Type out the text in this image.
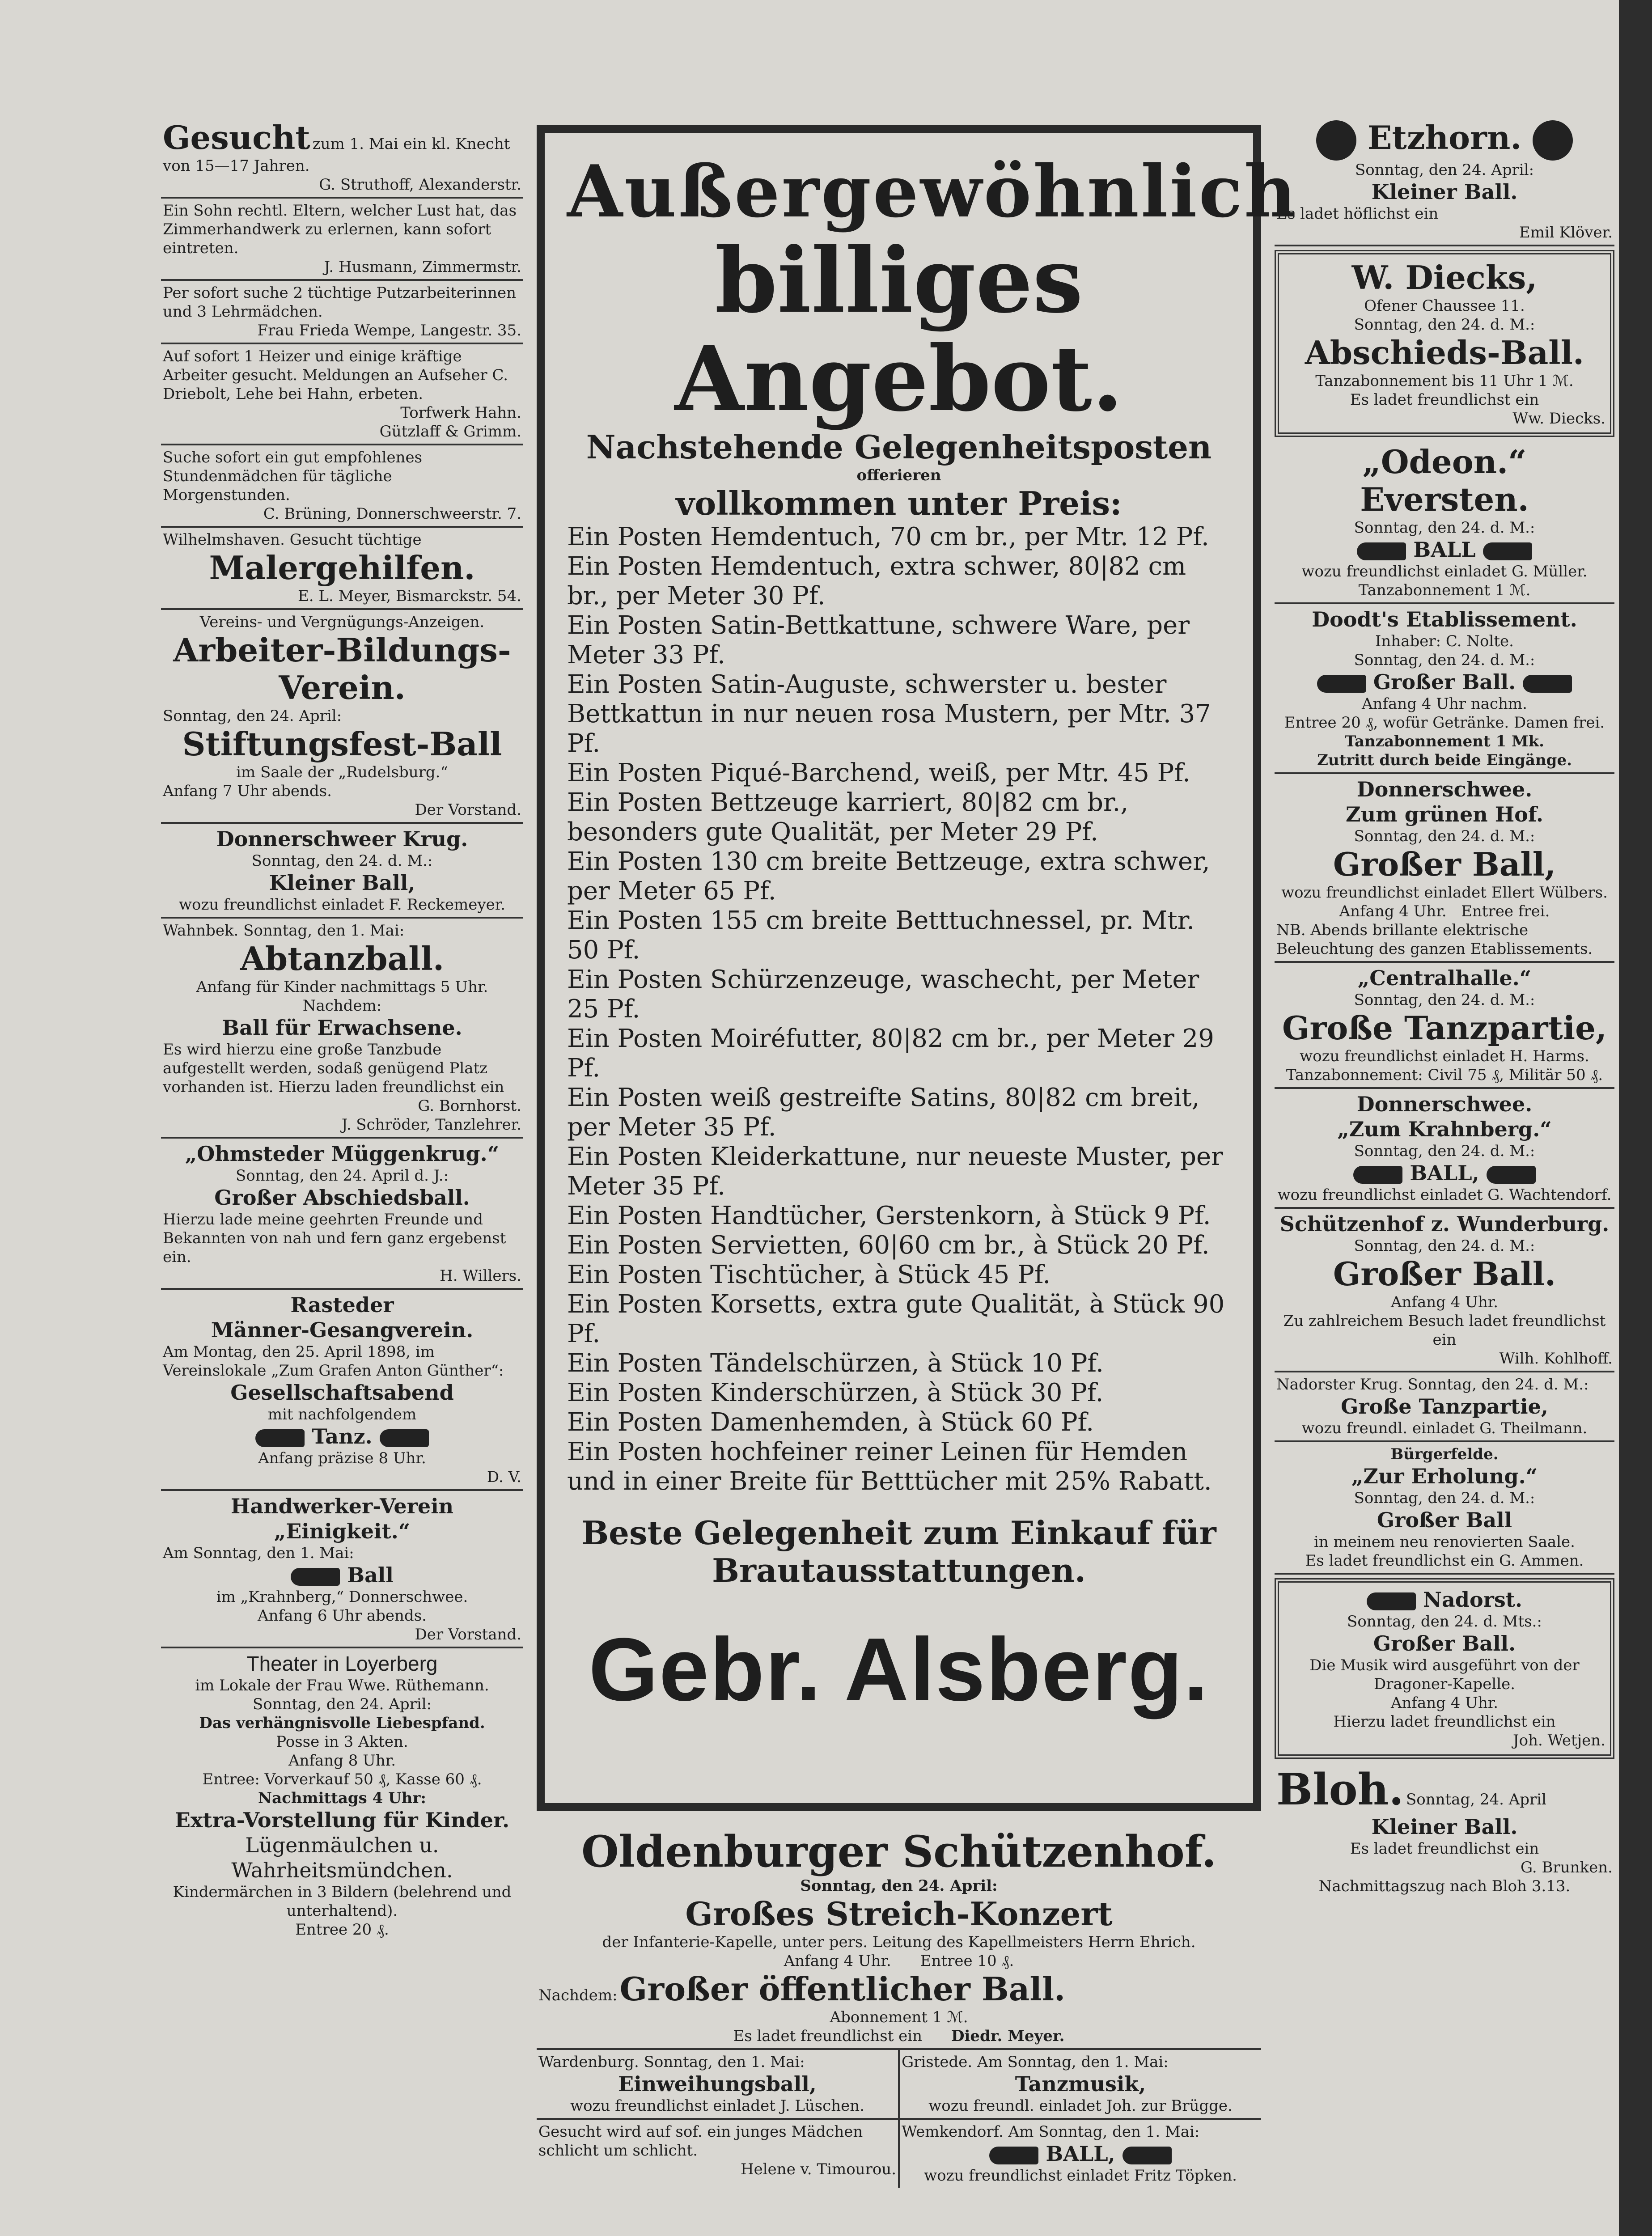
Gesucht zum 1. Mai ein kl. Knecht von 15—17 Jahren.
G. Struthoff, Alexanderstr.
Ein Sohn rechtl. Eltern, welcher Lust hat, das Zimmerhandwerk zu erlernen, kann sofort eintreten.
J. Husmann, Zimmermstr.
Per sofort suche 2 tüchtige Putzarbeiterinnen und 3 Lehrmädchen.
Frau Frieda Wempe, Langestr. 35.
Auf sofort 1 Heizer und einige kräftige Arbeiter gesucht. Meldungen an Aufseher C. Driebolt, Lehe bei Hahn, erbeten.
Torfwerk Hahn.
Gützlaff & Grimm.
Suche sofort ein gut empfohlenes Stundenmädchen für tägliche Morgenstunden.
C. Brüning, Donnerschweerstr. 7.
Wilhelmshaven. Gesucht tüchtige
Malergehilfen.
E. L. Meyer, Bismarckstr. 54.
Vereins- und Vergnügungs-Anzeigen.
Arbeiter-Bildungs-Verein.
Sonntag, den 24. April:
Stiftungsfest-Ball
im Saale der „Rudelsburg.“
Anfang 7 Uhr abends.
Der Vorstand.
Donnerschweer Krug.
Sonntag, den 24. d. M.:
Kleiner Ball,
wozu freundlichst einladet F. Reckemeyer.
Wahnbek. Sonntag, den 1. Mai:
Abtanzball.
Anfang für Kinder nachmittags 5 Uhr.
Nachdem:
Ball für Erwachsene.
Es wird hierzu eine große Tanzbude aufgestellt werden, sodaß genügend Platz vorhanden ist. Hierzu laden freundlichst ein
G. Bornhorst.
J. Schröder, Tanzlehrer.
„Ohmsteder Müggenkrug.“
Sonntag, den 24. April d. J.:
Großer Abschiedsball.
Hierzu lade meine geehrten Freunde und Bekannten von nah und fern ganz ergebenst ein.
H. Willers.
Rasteder
Männer-Gesangverein.
Am Montag, den 25. April 1898, im Vereinslokale „Zum Grafen Anton Günther“:
Gesellschaftsabend
mit nachfolgendem
Tanz.
Anfang präzise 8 Uhr.
D. V.
Handwerker-Verein
„Einigkeit.“
Am Sonntag, den 1. Mai:
Ball
im „Krahnberg,“ Donnerschwee.
Anfang 6 Uhr abends.
Der Vorstand.
Theater in Loyerberg
im Lokale der Frau Wwe. Rüthemann.
Sonntag, den 24. April:
Das verhängnisvolle Liebespfand.
Posse in 3 Akten.
Anfang 8 Uhr.
Entree: Vorverkauf 50 ₰, Kasse 60 ₰.
Nachmittags 4 Uhr:
Extra-Vorstellung für Kinder.
Lügenmäulchen u. Wahrheitsmündchen.
Kindermärchen in 3 Bildern (belehrend und unterhaltend).
Entree 20 ₰.
Außergewöhnlich
billiges Angebot.
Nachstehende Gelegenheitsposten
offerieren
vollkommen unter Preis:
Ein Posten Hemdentuch, 70 cm br., per Mtr. 12 Pf.
Ein Posten Hemdentuch, extra schwer, 80|82 cm br., per Meter 30 Pf.
Ein Posten Satin-Bettkattune, schwere Ware, per Meter 33 Pf.
Ein Posten Satin-Auguste, schwerster u. bester Bettkattun in nur neuen rosa Mustern, per Mtr. 37 Pf.
Ein Posten Piqué-Barchend, weiß, per Mtr. 45 Pf.
Ein Posten Bettzeuge karriert, 80|82 cm br., besonders gute Qualität, per Meter 29 Pf.
Ein Posten 130 cm breite Bettzeuge, extra schwer, per Meter 65 Pf.
Ein Posten 155 cm breite Betttuchnessel, pr. Mtr. 50 Pf.
Ein Posten Schürzenzeuge, waschecht, per Meter 25 Pf.
Ein Posten Moiréfutter, 80|82 cm br., per Meter 29 Pf.
Ein Posten weiß gestreifte Satins, 80|82 cm breit, per Meter 35 Pf.
Ein Posten Kleiderkattune, nur neueste Muster, per Meter 35 Pf.
Ein Posten Handtücher, Gerstenkorn, à Stück 9 Pf.
Ein Posten Servietten, 60|60 cm br., à Stück 20 Pf.
Ein Posten Tischtücher, à Stück 45 Pf.
Ein Posten Korsetts, extra gute Qualität, à Stück 90 Pf.
Ein Posten Tändelschürzen, à Stück 10 Pf.
Ein Posten Kinderschürzen, à Stück 30 Pf.
Ein Posten Damenhemden, à Stück 60 Pf.
Ein Posten hochfeiner reiner Leinen für Hemden und in einer Breite für Betttücher mit 25% Rabatt.
Beste Gelegenheit zum Einkauf für Brautausstattungen.
Gebr. Alsberg.
Oldenburger Schützenhof.
Sonntag, den 24. April:
Großes Streich-Konzert
der Infanterie-Kapelle, unter pers. Leitung des Kapellmeisters Herrn Ehrich.
Anfang 4 Uhr. Entree 10 ₰.
Nachdem: Großer öffentlicher Ball.
Abonnement 1 ℳ.
Es ladet freundlichst ein Diedr. Meyer.
Wardenburg. Sonntag, den 1. Mai:
Einweihungsball,
wozu freundlichst einladet J. Lüschen.
Gesucht wird auf sof. ein junges Mädchen schlicht um schlicht.
Helene v. Timourou.
Gristede. Am Sonntag, den 1. Mai:
Tanzmusik,
wozu freundl. einladet Joh. zur Brügge.
Wemkendorf. Am Sonntag, den 1. Mai:
BALL,
wozu freundlichst einladet Fritz Töpken.
Etzhorn.
Sonntag, den 24. April:
Kleiner Ball.
Es ladet höflichst ein
Emil Klöver.
W. Diecks,
Ofener Chaussee 11.
Sonntag, den 24. d. M.:
Abschieds-Ball.
Tanzabonnement bis 11 Uhr 1 ℳ.
Es ladet freundlichst ein
Ww. Diecks.
„Odeon.“ Eversten.
Sonntag, den 24. d. M.:
BALL
wozu freundlichst einladet G. Müller.
Tanzabonnement 1 ℳ.
Doodt's Etablissement.
Inhaber: C. Nolte.
Sonntag, den 24. d. M.:
Großer Ball.
Anfang 4 Uhr nachm.
Entree 20 ₰, wofür Getränke. Damen frei.
Tanzabonnement 1 Mk.
Zutritt durch beide Eingänge.
Donnerschwee.
Zum grünen Hof.
Sonntag, den 24. d. M.:
Großer Ball,
wozu freundlichst einladet Ellert Wülbers.
Anfang 4 Uhr. Entree frei.
NB. Abends brillante elektrische Beleuchtung des ganzen Etablissements.
„Centralhalle.“
Sonntag, den 24. d. M.:
Große Tanzpartie,
wozu freundlichst einladet H. Harms.
Tanzabonnement: Civil 75 ₰, Militär 50 ₰.
Donnerschwee.
„Zum Krahnberg.“
Sonntag, den 24. d. M.:
BALL,
wozu freundlichst einladet G. Wachtendorf.
Schützenhof z. Wunderburg.
Sonntag, den 24. d. M.:
Großer Ball.
Anfang 4 Uhr.
Zu zahlreichem Besuch ladet freundlichst ein
Wilh. Kohlhoff.
Nadorster Krug. Sonntag, den 24. d. M.:
Große Tanzpartie,
wozu freundl. einladet G. Theilmann.
Bürgerfelde.
„Zur Erholung.“
Sonntag, den 24. d. M.:
Großer Ball
in meinem neu renovierten Saale.
Es ladet freundlichst ein G. Ammen.
Nadorst.
Sonntag, den 24. d. Mts.:
Großer Ball.
Die Musik wird ausgeführt von der Dragoner-Kapelle.
Anfang 4 Uhr.
Hierzu ladet freundlichst ein
Joh. Wetjen.
Bloh. Sonntag, 24. April
Kleiner Ball.
Es ladet freundlichst ein
G. Brunken.
Nachmittagszug nach Bloh 3.13.
